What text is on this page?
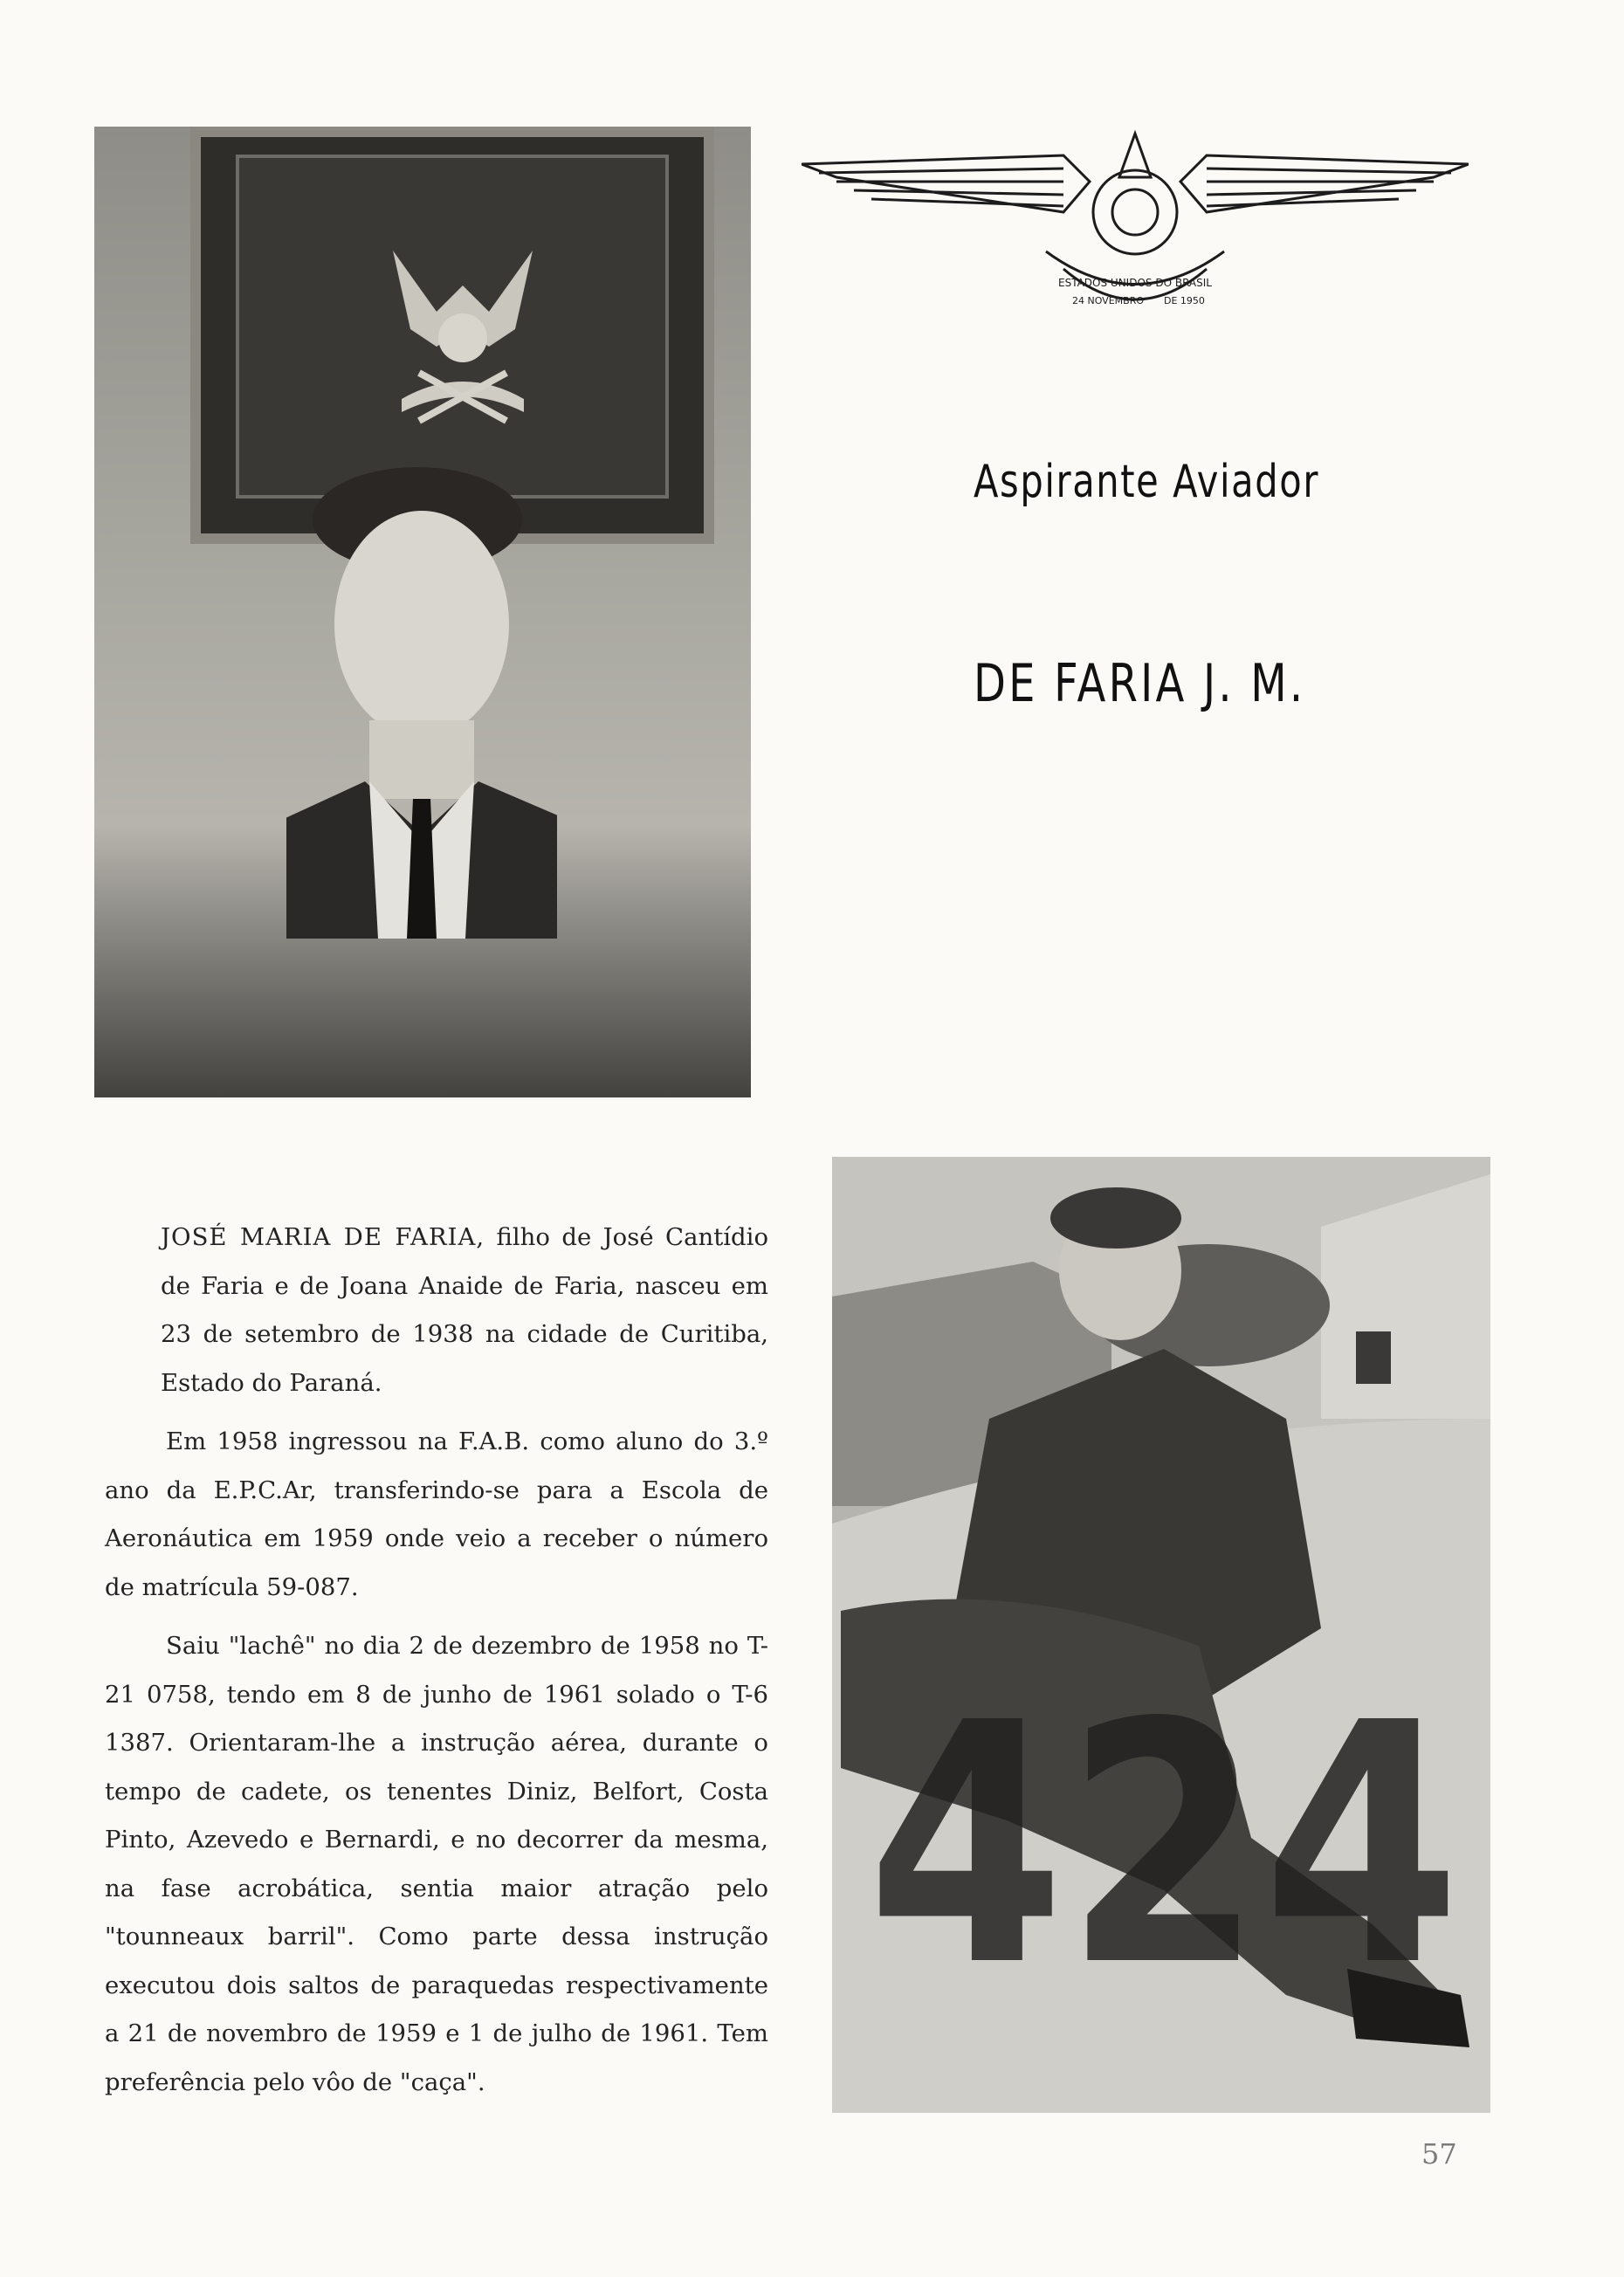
ESTADOS UNIDOS DO BRASIL
24 NOVEMBRO DE 1950
Aspirante Aviador
DE FARIA J. M.

JOSÉ MARIA DE FARIA, filho de José Cantídio de Faria e de Joana Anaide de Faria, nasceu em 23 de setembro de 1938 na cidade de Curitiba, Estado do Paraná.

Em 1958 ingressou na F.A.B. como aluno do 3.º ano da E.P.C.Ar, transferindo-se para a Escola de Aeronáutica em 1959 onde veio a receber o número de matrícula 59-087.

Saiu "lachê" no dia 2 de dezembro de 1958 no T-21 0758, tendo em 8 de junho de 1961 solado o T-6 1387. Orientaram-lhe a instrução aérea, durante o tempo de cadete, os tenentes Diniz, Belfort, Costa Pinto, Azevedo e Bernardi, e no decorrer da mesma, na fase acrobática, sentia maior atração pelo "tounneaux barril". Como parte dessa instrução executou dois saltos de paraquedas respectivamente a 21 de novembro de 1959 e 1 de julho de 1961. Tem preferência pelo vôo de "caça".

424
57
